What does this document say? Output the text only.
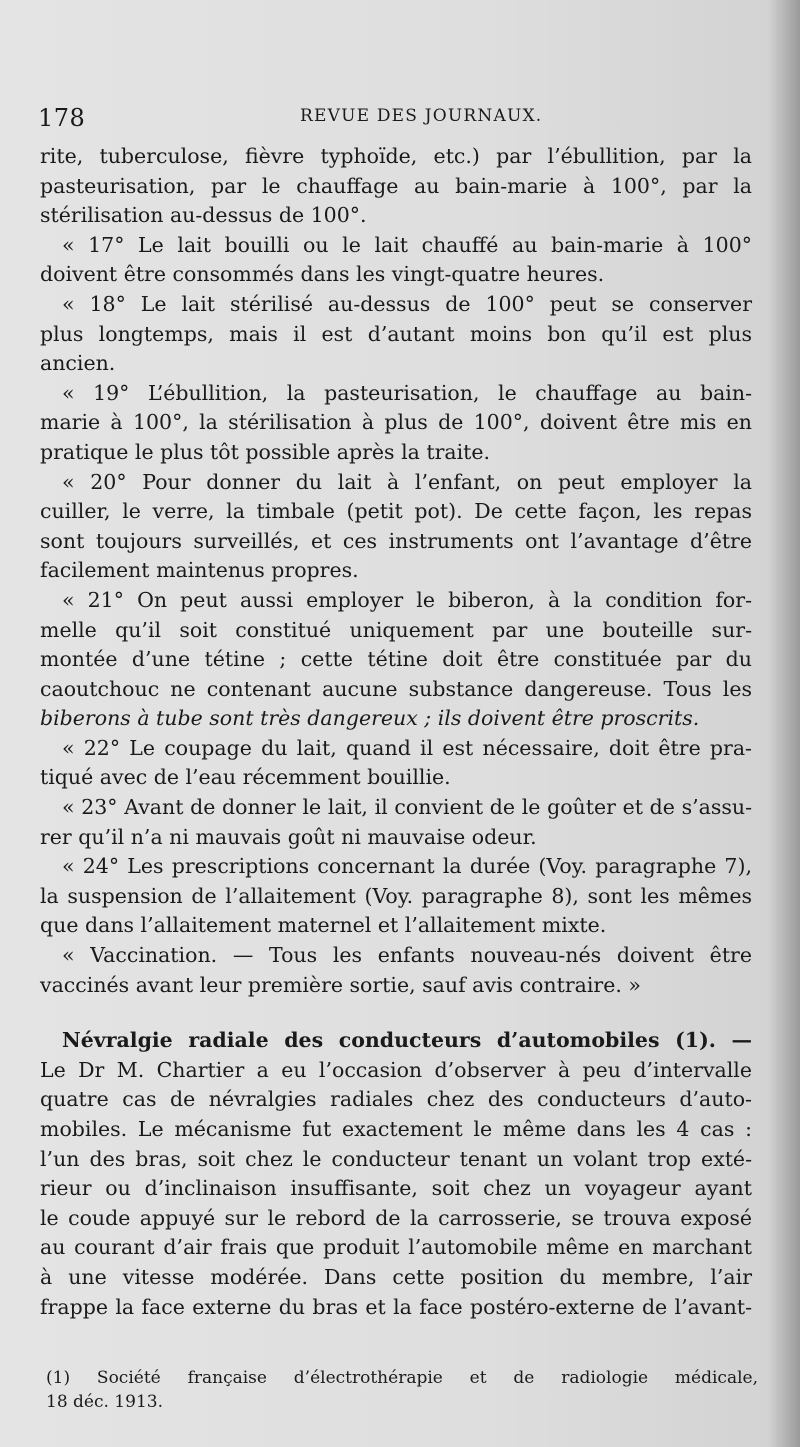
178	REVUE DES JOURNAUX.
rite, tuberculose, fièvre typhoïde, etc.) par l’ébullition, par la
pasteurisation, par le chauffage au bain-marie à 100°, par la
stérilisation au-dessus de 100°.
« 17° Le lait bouilli ou le lait chauffé au bain-marie à 100°
doivent être consommés dans les vingt-quatre heures.
« 18° Le lait stérilisé au-dessus de 100° peut se conserver
plus longtemps, mais il est d’autant moins bon qu’il est plus
ancien.
« 19° L’ébullition, la pasteurisation, le chauffage au bain-
marie à 100°, la stérilisation à plus de 100°, doivent être mis en
pratique le plus tôt possible après la traite.
« 20° Pour donner du lait à l’enfant, on peut employer la
cuiller, le verre, la timbale (petit pot). De cette façon, les repas
sont toujours surveillés, et ces instruments ont l’avantage d’être
facilement maintenus propres.
« 21° On peut aussi employer le biberon, à la condition for-
melle qu’il soit constitué uniquement par une bouteille sur-
montée d’une tétine ; cette tétine doit être constituée par du
caoutchouc ne contenant aucune substance dangereuse. Tous les
biberons à tube sont très dangereux ; ils doivent être proscrits.
« 22° Le coupage du lait, quand il est nécessaire, doit être pra-
tiqué avec de l’eau récemment bouillie.
« 23° Avant de donner le lait, il convient de le goûter et de s’assu-
rer qu’il n’a ni mauvais goût ni mauvaise odeur.
« 24° Les prescriptions concernant la durée (Voy. paragraphe 7),
la suspension de l’allaitement (Voy. paragraphe 8), sont les mêmes
que dans l’allaitement maternel et l’allaitement mixte.
« Vaccination. — Tous les enfants nouveau-nés doivent être
vaccinés avant leur première sortie, sauf avis contraire. »
Névralgie radiale des conducteurs d’automobiles (1). —
Le Dr M. Chartier a eu l’occasion d’observer à peu d’intervalle
quatre cas de névralgies radiales chez des conducteurs d’auto-
mobiles. Le mécanisme fut exactement le même dans les 4 cas :
l’un des bras, soit chez le conducteur tenant un volant trop exté-
rieur ou d’inclinaison insuffisante, soit chez un voyageur ayant
le coude appuyé sur le rebord de la carrosserie, se trouva exposé
au courant d’air frais que produit l’automobile même en marchant
à une vitesse modérée. Dans cette position du membre, l’air
frappe la face externe du bras et la face postéro-externe de l’avant-
(1) Société française d’électrothérapie et de radiologie médicale,
18 déc. 1913.
